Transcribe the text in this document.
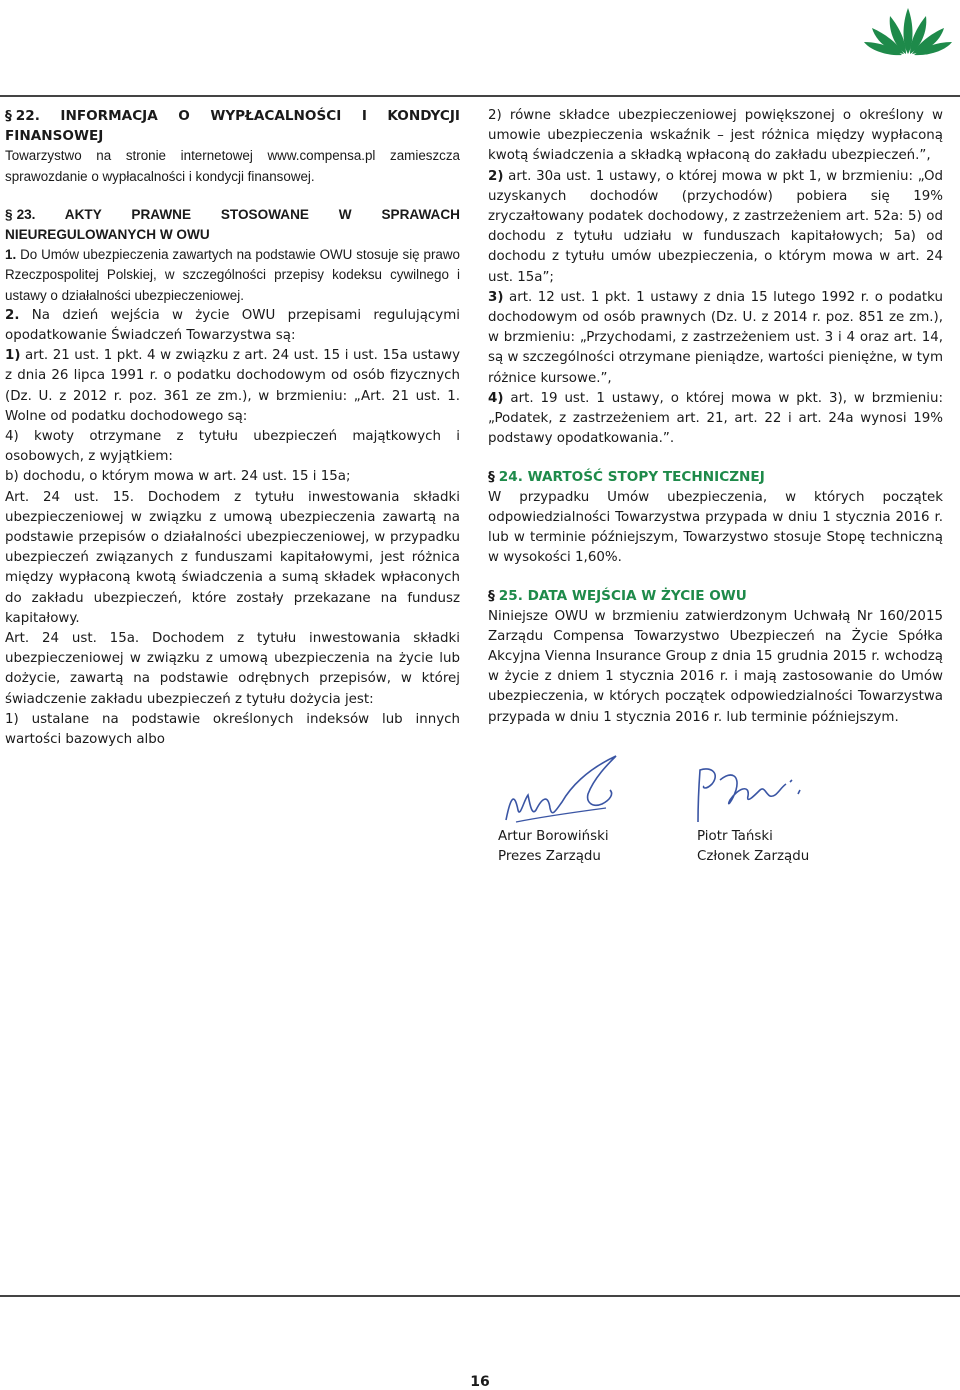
§ 22. INFORMACJA O WYPŁACALNOŚCI I KONDYCJI FINANSOWEJ

Towarzystwo na stronie internetowej www.compensa.pl zamieszcza sprawozdanie o wypłacalności i kondycji finansowej.

§ 23. AKTY PRAWNE STOSOWANE W SPRAWACH NIEUREGULOWANYCH W OWU

1. Do Umów ubezpieczenia zawartych na podstawie OWU stosuje się prawo Rzeczpospolitej Polskiej, w szczególności przepisy kodeksu cywilnego i ustawy o działalności ubezpieczeniowej.

2. Na dzień wejścia w życie OWU przepisami regulującymi opodatkowanie Świadczeń Towarzystwa są:

1) art. 21 ust. 1 pkt. 4 w związku z art. 24 ust. 15 i ust. 15a ustawy z dnia 26 lipca 1991 r. o podatku dochodowym od osób fizycznych (Dz. U. z 2012 r. poz. 361 ze zm.), w brzmieniu: „Art. 21 ust. 1. Wolne od podatku dochodowego są:

4) kwoty otrzymane z tytułu ubezpieczeń majątkowych i osobowych, z wyjątkiem:

b) dochodu, o którym mowa w art. 24 ust. 15 i 15a;

Art. 24 ust. 15. Dochodem z tytułu inwestowania składki ubezpieczeniowej w związku z umową ubezpieczenia zawartą na podstawie przepisów o działalności ubezpieczeniowej, w przypadku ubezpieczeń związanych z funduszami kapitałowymi, jest różnica między wypłaconą kwotą świadczenia a sumą składek wpłaconych do zakładu ubezpieczeń, które zostały przekazane na fundusz kapitałowy.

Art. 24 ust. 15a. Dochodem z tytułu inwestowania składki ubezpieczeniowej w związku z umową ubezpieczenia na życie lub dożycie, zawartą na podstawie odrębnych przepisów, w której świadczenie zakładu ubezpieczeń z tytułu dożycia jest:

1) ustalane na podstawie określonych indeksów lub innych wartości bazowych albo

2) równe składce ubezpieczeniowej powiększonej o określony w umowie ubezpieczenia wskaźnik – jest różnica między wypłaconą kwotą świadczenia a składką wpłaconą do zakładu ubezpieczeń.”,

2) art. 30a ust. 1 ustawy, o której mowa w pkt 1, w brzmieniu: „Od uzyskanych dochodów (przychodów) pobiera się 19% zryczałtowany podatek dochodowy, z zastrzeżeniem art. 52a: 5) od dochodu z tytułu udziału w funduszach kapitałowych; 5a) od dochodu z tytułu umów ubezpieczenia, o którym mowa w art. 24 ust. 15a”;

3) art. 12 ust. 1 pkt. 1 ustawy z dnia 15 lutego 1992 r. o podatku dochodowym od osób prawnych (Dz. U. z 2014 r. poz. 851 ze zm.), w brzmieniu: „Przychodami, z zastrzeżeniem ust. 3 i 4 oraz art. 14, są w szczególności otrzymane pieniądze, wartości pieniężne, w tym różnice kursowe.”,

4) art. 19 ust. 1 ustawy, o której mowa w pkt. 3), w brzmieniu: „Podatek, z zastrzeżeniem art. 21, art. 22 i art. 24a wynosi 19% podstawy opodatkowania.”.

§ 24. WARTOŚĆ STOPY TECHNICZNEJ

W przypadku Umów ubezpieczenia, w których początek odpowiedzialności Towarzystwa przypada w dniu 1 stycznia 2016 r. lub w terminie późniejszym, Towarzystwo stosuje Stopę techniczną w wysokości 1,60%.

§ 25. DATA WEJŚCIA W ŻYCIE OWU

Niniejsze OWU w brzmieniu zatwierdzonym Uchwałą Nr 160/2015 Zarządu Compensa Towarzystwo Ubezpieczeń na Życie Spółka Akcyjna Vienna Insurance Group z dnia 15 grudnia 2015 r. wchodzą w życie z dniem 1 stycznia 2016 r. i mają zastosowanie do Umów ubezpieczenia, w których początek odpowiedzialności Towarzystwa przypada w dniu 1 stycznia 2016 r. lub terminie późniejszym.

Artur Borowiński
Prezes Zarządu
Piotr Tański
Członek Zarządu
16
